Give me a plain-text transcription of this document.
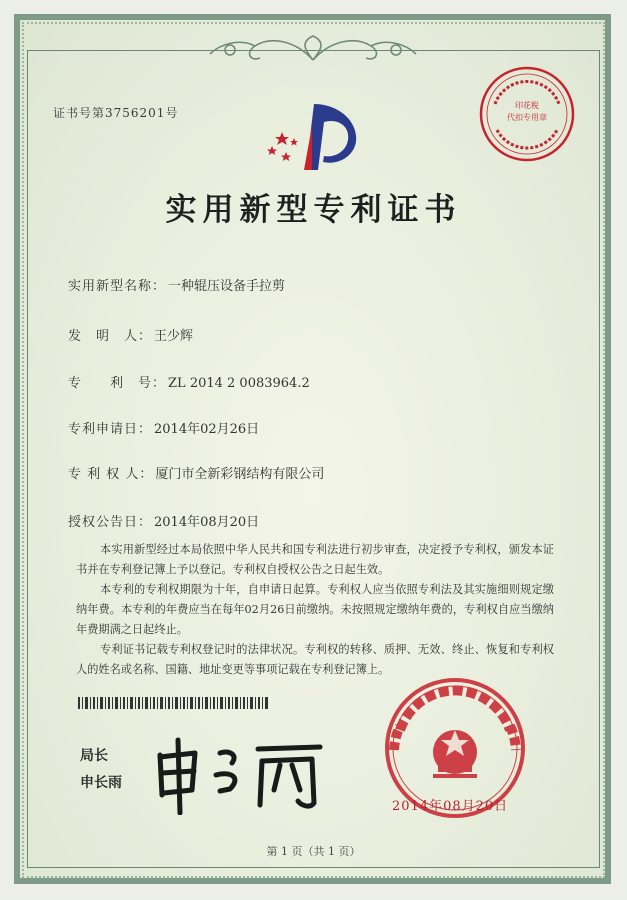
证书号第3756201号
印花税
代扣专用章
实用新型专利证书
实用新型名称： 一种辊压设备手拉剪
发　明　人： 王少辉
专　　利　号： ZL 2014 2 0083964.2
专利申请日： 2014年02月26日
专 利 权 人： 厦门市全新彩钢结构有限公司
授权公告日： 2014年08月20日
本实用新型经过本局依照中华人民共和国专利法进行初步审查，决定授予专利权，颁发本证书并在专利登记簿上予以登记。专利权自授权公告之日起生效。
本专利的专利权期限为十年，自申请日起算。专利权人应当依照专利法及其实施细则规定缴纳年费。本专利的年费应当在每年02月26日前缴纳。未按照规定缴纳年费的，专利权自应当缴纳年费期满之日起终止。
专利证书记载专利权登记时的法律状况。专利权的转移、质押、无效、终止、恢复和专利权人的姓名或名称、国籍、地址变更等事项记载在专利登记簿上。
局长
申长雨
2014年08月20日
第 1 页（共 1 页）
